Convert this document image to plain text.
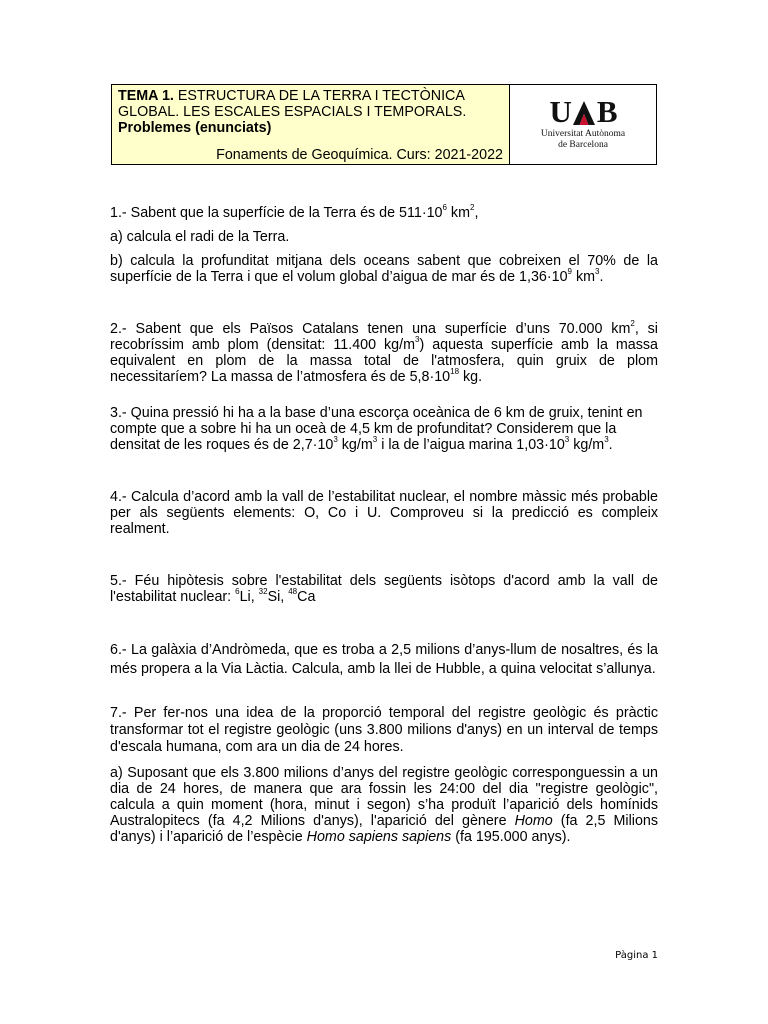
TEMA 1. ESTRUCTURA DE LA TERRA I TECTÒNICA GLOBAL. LES ESCALES ESPACIALS I TEMPORALS.
Problemes (enunciats)
Fonaments de Geoquímica. Curs: 2021-2022
U B
Universitat Autònoma
de Barcelona

1.- Sabent que la superfície de la Terra és de $511\cdot 10^6$ $km^2$,

a) calcula el radi de la Terra.

b) calcula la profunditat mitjana dels oceans sabent que cobreixen el 70% de la superfície de la Terra i que el volum global d’aigua de mar és de $1,36\cdot 10^9$ $km^3$.

2.- Sabent que els Països Catalans tenen una superfície d’uns 70.000 $km^2$, si recobríssim amb plom (densitat: 11.400 $kg/m^3$) aquesta superfície amb la massa equivalent en plom de la massa total de l'atmosfera, quin gruix de plom necessitaríem? La massa de l’atmosfera és de $5,8\cdot 10^{18}$ kg.

3.- Quina pressió hi ha a la base d’una escorça oceànica de 6 km de gruix, tenint en compte que a sobre hi ha un oceà de 4,5 km de profunditat? Considerem que la densitat de les roques és de $2,7\cdot 10^3$ $kg/m^3$ i la de l’aigua marina $1,03\cdot 10^3$ $kg/m^3$.

4.- Calcula d’acord amb la vall de l’estabilitat nuclear, el nombre màssic més probable per als següents elements: O, Co i U. Comproveu si la predicció es compleix realment.

5.- Féu hipòtesis sobre l'estabilitat dels següents isòtops d'acord amb la vall de l'estabilitat nuclear: $^6$Li, $^{32}$Si, $^{48}$Ca

6.- La galàxia d’Andròmeda, que es troba a 2,5 milions d’anys-llum de nosaltres, és la més propera a la Via Làctia. Calcula, amb la llei de Hubble, a quina velocitat s’allunya.

7.- Per fer-nos una idea de la proporció temporal del registre geològic és pràctic transformar tot el registre geològic (uns 3.800 milions d'anys) en un interval de temps d'escala humana, com ara un dia de 24 hores.

a) Suposant que els 3.800 milions d’anys del registre geològic corresponguessin a un dia de 24 hores, de manera que ara fossin les 24:00 del dia "registre geològic", calcula a quin moment (hora, minut i segon) s’ha produït l’aparició dels homínids Australopitecs (fa 4,2 Milions d'anys), l'aparició del gènere Homo (fa 2,5 Milions d'anys) i l’aparició de l’espècie Homo sapiens sapiens (fa 195.000 anys).

Pàgina 1
